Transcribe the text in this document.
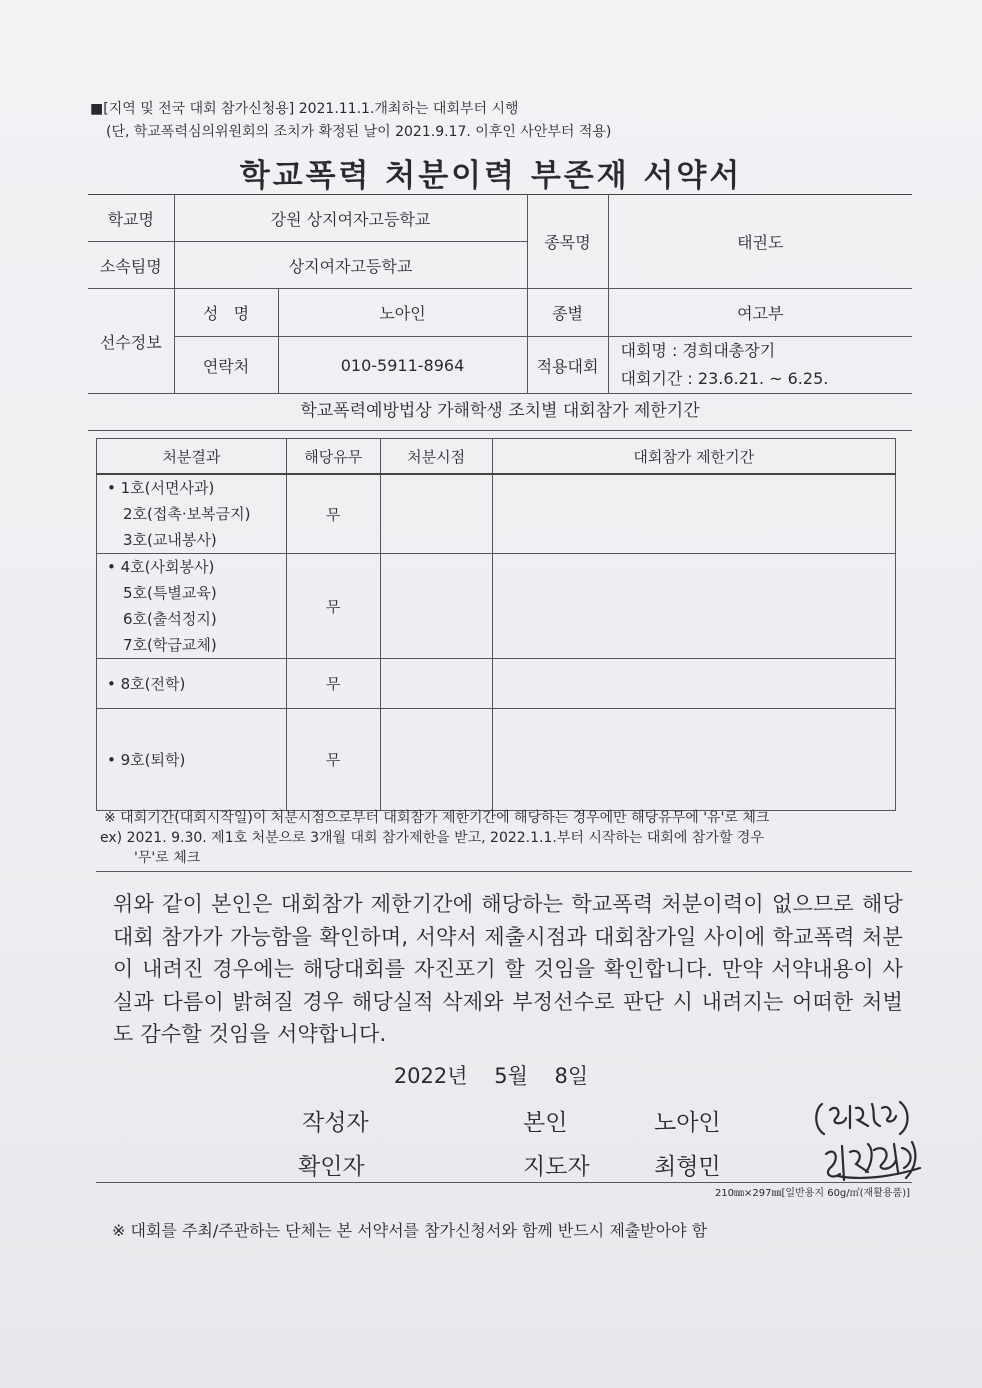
■[지역 및 전국 대회 참가신청용] 2021.11.1.개최하는 대회부터 시행
(단, 학교폭력심의위원회의 조치가 확정된 날이 2021.9.17. 이후인 사안부터 적용)
학교폭력 처분이력 부존재 서약서
학교명	강원 상지여자고등학교		종목명	태권도
소속팀명	상지여자고등학교			
선수정보	성   명	노아인	종별	여고부
	연락처	010-5911-8964	적용대회	대회명 : 경희대총장기
대회기간 : 23.6.21. ~ 6.25.
학교폭력예방법상 가해학생 조치별 대회참가 제한기간
처분결과	해당유무	처분시점	대회참가 제한기간
• 1호(서면사과)
2호(접촉·보복금지)
3호(교내봉사)	무		
• 4호(사회봉사)
5호(특별교육)
6호(출석정지)
7호(학급교체)	무		
• 8호(전학)	무		
• 9호(퇴학)	무		

※ 대회기간(대회시작일)이 처분시점으로부터 대회참가 제한기간에 해당하는 경우에만 해당유무에 '유'로 체크

ex) 2021. 9.30. 제1호 처분으로 3개월 대회 참가제한을 받고, 2022.1.1.부터 시작하는 대회에 참가할 경우

'무'로 체크

위와 같이 본인은 대회참가 제한기간에 해당하는 학교폭력 처분이력이 없으므로 해당 대회 참가가 가능함을 확인하며, 서약서 제출시점과 대회참가일 사이에 학교폭력 처분이 내려진 경우에는 해당대회를 자진포기 할 것임을 확인합니다. 만약 서약내용이 사실과 다름이 밝혀질 경우 해당실적 삭제와 부정선수로 판단 시 내려지는 어떠한 처벌도 감수할 것임을 서약합니다.
2022년 5월 8일
작성자	본인	노아인
확인자	지도자	최형민
210㎜×297㎜[일반용지 60g/㎡(재활용품)]
※ 대회를 주최/주관하는 단체는 본 서약서를 참가신청서와 함께 반드시 제출받아야 함
